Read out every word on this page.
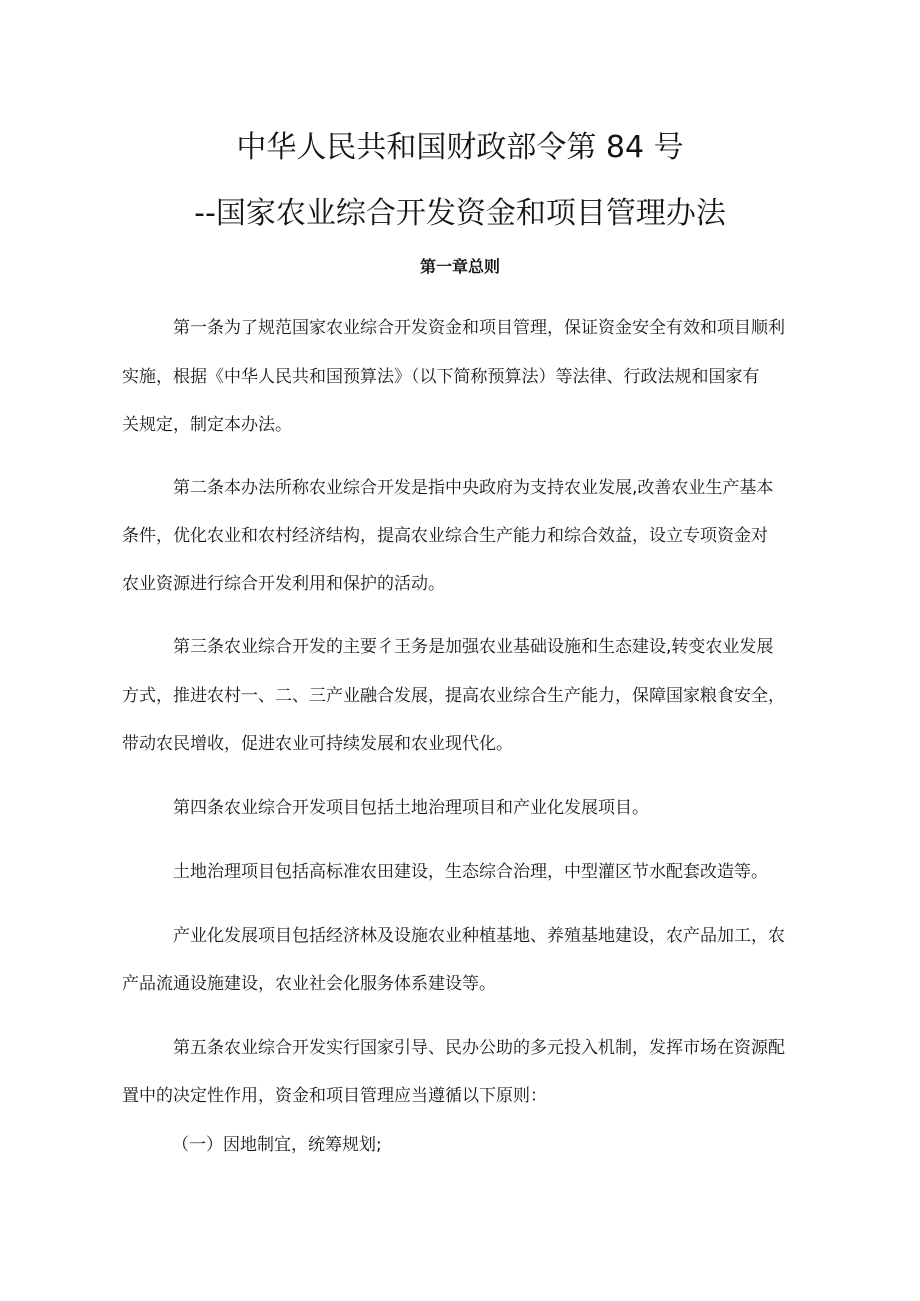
中华人民共和国财政部令第 84 号
--国家农业综合开发资金和项目管理办法
第一章总则
第一条为了规范国家农业综合开发资金和项目管理，保证资金安全有效和项目顺利
实施，根据《中华人民共和国预算法》（以下简称预算法）等法律、行政法规和国家有
关规定，制定本办法。
第二条本办法所称农业综合开发是指中央政府为支持农业发展,改善农业生产基本
条件，优化农业和农村经济结构，提高农业综合生产能力和综合效益，设立专项资金对
农业资源进行综合开发利用和保护的活动。
第三条农业综合开发的主要彳王务是加强农业基础设施和生态建设,转变农业发展
方式，推进农村一、二、三产业融合发展，提高农业综合生产能力，保障国家粮食安全，
带动农民增收，促进农业可持续发展和农业现代化。
第四条农业综合开发项目包括土地治理项目和产业化发展项目。
土地治理项目包括高标准农田建设，生态综合治理，中型灌区节水配套改造等。
产业化发展项目包括经济林及设施农业种植基地、养殖基地建设，农产品加工，农
产品流通设施建设，农业社会化服务体系建设等。
第五条农业综合开发实行国家引导、民办公助的多元投入机制，发挥市场在资源配
置中的决定性作用，资金和项目管理应当遵循以下原则：
（一）因地制宜，统筹规划;
